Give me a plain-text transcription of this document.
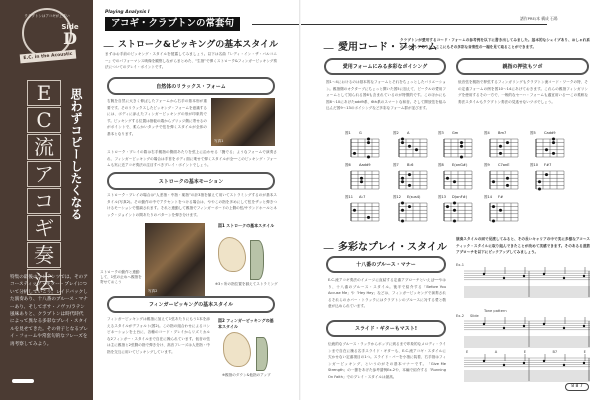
クラプトンはアコギが上手い
Side
D
E.C. in the Acoustic
E
C
流
ア
コ
ギ
奏
法
思わずコピーしたくなる
特集の最後のコンテンツでは、そのアコースティック・ギター・プレイについて分析していこう。レイドバックした演奏あり、十八番のブルース・マナーあり、そしてボサ・ノヴァ/ラテン風味ありと、クラプトンは時代時代によって異なる多彩なプレイ・スタイルを見せてきた。その骨子となるプレイ・フォームや常套句的なフレーズを再考察してみよう。
Playing Analysis I
アコギ・クラプトンの常套句	譜作PRE/本 構成 石場
ストローク&ピッキングの基本スタイル
まずはお手前のピッキング・スタイルを披露してみましょう。以下は名曲『レディ・イン・ザ・バルコニー』でのパフォーマンス映像を観察しながらまとめた、“生指”で弾くストローク&フィンガーピッキング奏法についてのプレイ・ポイントです。
自然体のリラックス・フォーム
右腕を自然に大きく伸ばしたフォームから右手の基本形が重要です。そのリラックスしたピッキング・フォームを意識するには、ボディに添えたフィンガーピッキングの形が印象的です。ピッキングする位置は指板の端からブリッジ側に寄せるのがポイントで、柔らかいタッチで弦を弾くスタイルが全体の基本となります。
写真1
ストローク・プレイの際は右手親指の側面あたりを弦上に沿わせる「撫でる」ようなフォームで演奏され、フィンガーピッキングの場合は手首をボディ面に乗せて弾くスタイルが全──このピッキング・フォームも実に近アコギ奏法の注目すべきプレイ・ポイントでしょう。
ストロークの基本モーション
ストローク・プレイの場合は“人差指・中指・薬指”の計3指を揃えて用いてストラミングするのが基本スタイル(写真2)。その動作の中でアクセントをつける場合は、ややこの指を多めにして弦をザッと弾きつけるモーションで強調されます。それと連動して親指でフィンガーボードの上側の弦/サウンドホールとネック・ジョイントの間あたりのパターンを弾き分けます。
ストロークの動作と連動して、1弦の止めへ親指を寄せておこう
写真2
図1 ストロークの基本スタイル
※3ヶ所の指位置を揃えてストラミング
フィンガーピッキングの基本スタイル
フィンガーピッキングは親指に加えて1弦あたりにもう1本を添えるスタイルがデフォルト(図2)。この指の組合わせによるコンビネーションを土台に、各種のコード・プレイからリズミカルな2フィンガー・スタイルまで自在に操られています。低音の弦は主に親指と2弦側の指で弾き分け、高音フレーズは人差指・中指を交互に用いてピッキングしています。
図2 フィンガーピッキングの基本スタイル
※親指のダウン&他指のアップ
愛用コード・フォーム
クラプトンが愛用するコード・フォームの参考例を以下に書き出してみました。基本的なシェイプあり、おしゃれ系のボイシングありと、ここにもその多彩な音楽性の一端を見て取ることができます。
愛用フォームにみる多彩なボイシング	親指の押弦もツボ
図1〜4におけるのは基本的なフォームとそれをちょっとしたバリエーション。親指側のオクターブにちょっと開いた図5に加えて、ピークルの愛用フォームとして知られる図6も含まれているのが特徴的です。このほかにも図8〜10にあげたadd9系、6th系のスマートな和音。そして開放弦を組み込んだ図9〜13のボイシングなど多彩なフォーム群が並びます。
低音弦を親指で押弦するフィンガリングもクラプトン流コード・ワークの特、その定番フォームの例を図10〜14にあげておきます。これらの親指フィンガリングを使用するその一方で、一般的なセーハ・フォームも適宜用いる──この柔軟な奏法スタイルもクラプトン奏法の見逃せないツボでしょう。
図1 G	図2 A	図3 Gm	図4 Bm7	図5 Cadd9
図6 Aadd9	図7 B♭6	図8 E(onG#)	図9 C7onE	図10 F#7
図11 A♭7	図12 E(sus4)	図13 D(onF#)	図14 F#
多彩なプレイ・スタイル
演奏スタイルの面で見渡してみると、その長いキャリアの中で実に多様なアコースティック・スタイルに取り組んできたことが改めて実感できます。そのあるる道筋アプローチを以下にピックアップしてみましょう。
十八番のブルース・マナー
E.C.流アコギ奏法のイメージに直結する定番アプローチといえば──やはり、十八番のブルース・スタイル。後半で紹介する「Before You Accuse Me」や「Hey Hey」などは、フィンガーピッキングで演奏されるそれらのカバー・トラックにはクラプトンのブルースに対する愛と敬意が込められています。
スライド・ギターもマスト!
伝統的なブルース・ラックからポップに到るまで印象的なメロディ・ラインまで自在に操る名手スライド・ギターも、E.C.流アコギ・スタイルに欠かせない定番項目の1つ。スライド・バーを小指に装着、右手指はフィンガーピッキング、というのがその基本マナーです。「Give Me Strength」の一節をあげた参考譜例Ex-2や、本編で紹介する「Running On Faith」でのプレイ・スタイルは最高。
Ex-1
Tone pattern
Ex-2 Slide
E	A	E	B7	E
8 8 7
